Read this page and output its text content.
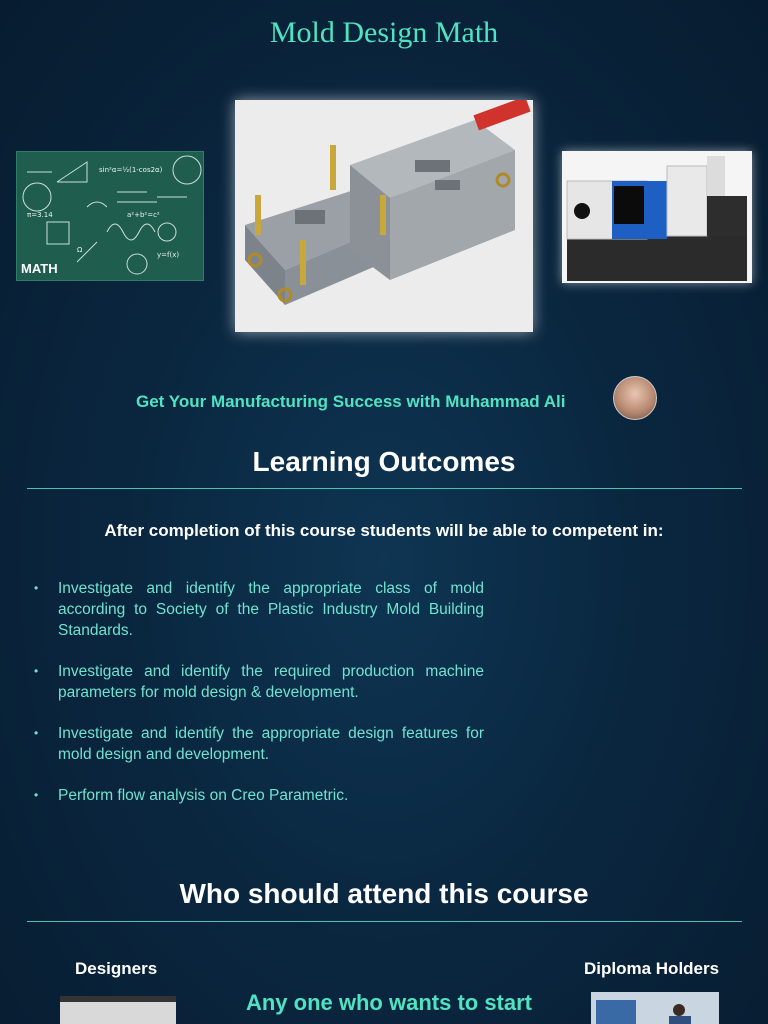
Mold Design Math
sin²α=½(1-cos2α)
π=3.14	a²+b²=c²
Ω
y=f(x)
MATH
Get Your Manufacturing Success with Muhammad Ali
Learning Outcomes
After completion of this course students will be able to competent in:
• Investigate and identify the appropriate class of mold according to Society of the Plastic Industry Mold Building Standards.
• Investigate and identify the required production machine parameters for mold design & development.
• Investigate and identify the appropriate design features for mold design and development.
• Perform flow analysis on Creo Parametric.
Who should attend this course
Designers	Diploma Holders
Any one who wants to start
